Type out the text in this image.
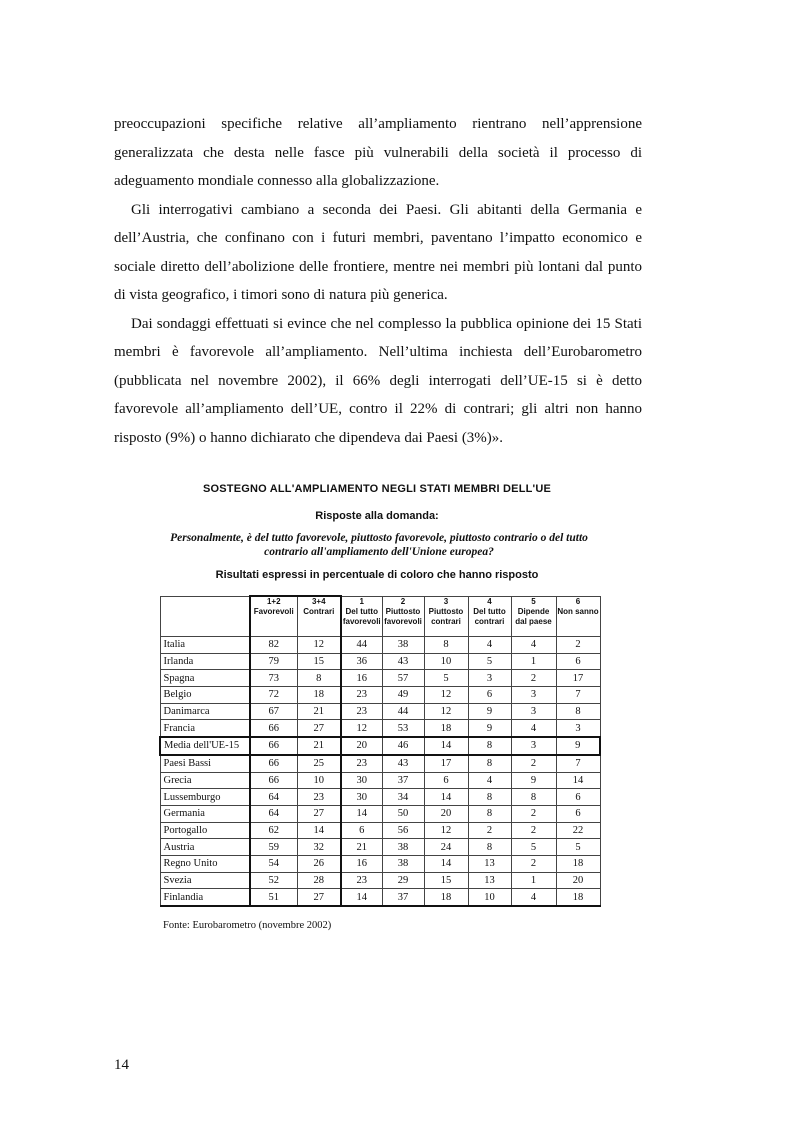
preoccupazioni specifiche relative all’ampliamento rientrano nell’apprensione generalizzata che desta nelle fasce più vulnerabili della società il processo di adeguamento mondiale connesso alla globalizzazione.

Gli interrogativi cambiano a seconda dei Paesi. Gli abitanti della Germania e dell’Austria, che confinano con i futuri membri, paventano l’impatto economico e sociale diretto dell’abolizione delle frontiere, mentre nei membri più lontani dal punto di vista geografico, i timori sono di natura più generica.

Dai sondaggi effettuati si evince che nel complesso la pubblica opinione dei 15 Stati membri è favorevole all’ampliamento. Nell’ultima inchiesta dell’Eurobarometro (pubblicata nel novembre 2002), il 66% degli interrogati dell’UE-15 si è detto favorevole all’ampliamento dell’UE, contro il 22% di contrari; gli altri non hanno risposto (9%) o hanno dichiarato che dipendeva dai Paesi (3%)».

SOSTEGNO ALL'AMPLIAMENTO NEGLI STATI MEMBRI DELL'UE
Risposte alla domanda:
Personalmente, è del tutto favorevole, piuttosto favorevole, piuttosto contrario o del tutto contrario all'ampliamento dell'Unione europea?
Risultati espressi in percentuale di coloro che hanno risposto
	1+2	3+4	1	2	3	4	5	6
	Favorevoli	Contrari	Del tutto favorevoli	Piuttosto favorevoli	Piuttosto contrari	Del tutto contrari	Dipende dal paese	Non sanno
Italia	82	12	44	38	8	4	4	2
Irlanda	79	15	36	43	10	5	1	6
Spagna	73	8	16	57	5	3	2	17
Belgio	72	18	23	49	12	6	3	7
Danimarca	67	21	23	44	12	9	3	8
Francia	66	27	12	53	18	9	4	3
Media dell'UE-15	66	21	20	46	14	8	3	9
Paesi Bassi	66	25	23	43	17	8	2	7
Grecia	66	10	30	37	6	4	9	14
Lussemburgo	64	23	30	34	14	8	8	6
Germania	64	27	14	50	20	8	2	6
Portogallo	62	14	6	56	12	2	2	22
Austria	59	32	21	38	24	8	5	5
Regno Unito	54	26	16	38	14	13	2	18
Svezia	52	28	23	29	15	13	1	20
Finlandia	51	27	14	37	18	10	4	18
Fonte: Eurobarometro (novembre 2002)
14
